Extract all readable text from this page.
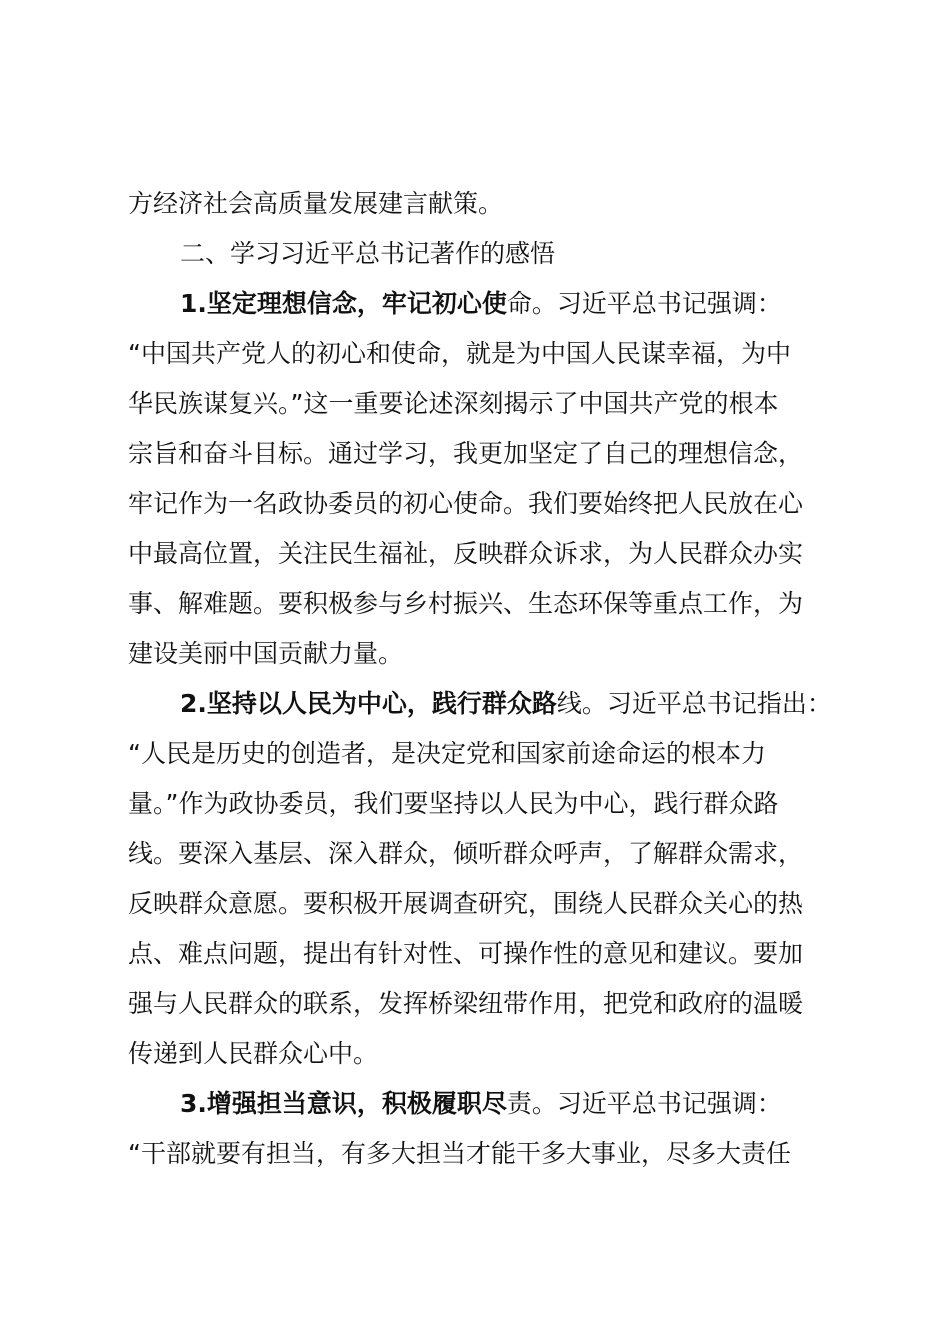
方经济社会高质量发展建言献策。
二、学习习近平总书记著作的感悟
1.坚定理想信念，牢记初心使命。习近平总书记强调：
“中国共产党人的初心和使命，就是为中国人民谋幸福，为中
华民族谋复兴。”这一重要论述深刻揭示了中国共产党的根本
宗旨和奋斗目标。通过学习，我更加坚定了自己的理想信念，
牢记作为一名政协委员的初心使命。我们要始终把人民放在心
中最高位置，关注民生福祉，反映群众诉求，为人民群众办实
事、解难题。要积极参与乡村振兴、生态环保等重点工作，为
建设美丽中国贡献力量。
2.坚持以人民为中心，践行群众路线。习近平总书记指出：
“人民是历史的创造者，是决定党和国家前途命运的根本力
量。”作为政协委员，我们要坚持以人民为中心，践行群众路
线。要深入基层、深入群众，倾听群众呼声，了解群众需求，
反映群众意愿。要积极开展调查研究，围绕人民群众关心的热
点、难点问题，提出有针对性、可操作性的意见和建议。要加
强与人民群众的联系，发挥桥梁纽带作用，把党和政府的温暖
传递到人民群众心中。
3.增强担当意识，积极履职尽责。习近平总书记强调：
“干部就要有担当，有多大担当才能干多大事业，尽多大责任
